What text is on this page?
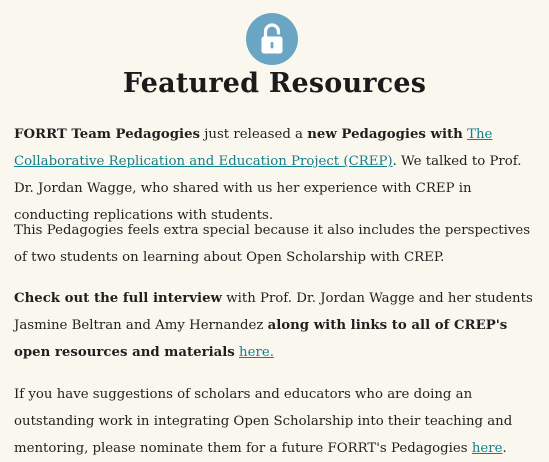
Featured Resources

FORRT Team Pedagogies just released a new Pedagogies with The Collaborative Replication and Education Project (CREP). We talked to Prof. Dr. Jordan Wagge, who shared with us her experience with CREP in conducting replications with students.

This Pedagogies feels extra special because it also includes the perspectives of two students on learning about Open Scholarship with CREP.

Check out the full interview with Prof. Dr. Jordan Wagge and her students Jasmine Beltran and Amy Hernandez along with links to all of CREP's open resources and materials here.

If you have suggestions of scholars and educators who are doing an outstanding work in integrating Open Scholarship into their teaching and mentoring, please nominate them for a future FORRT's Pedagogies here.
